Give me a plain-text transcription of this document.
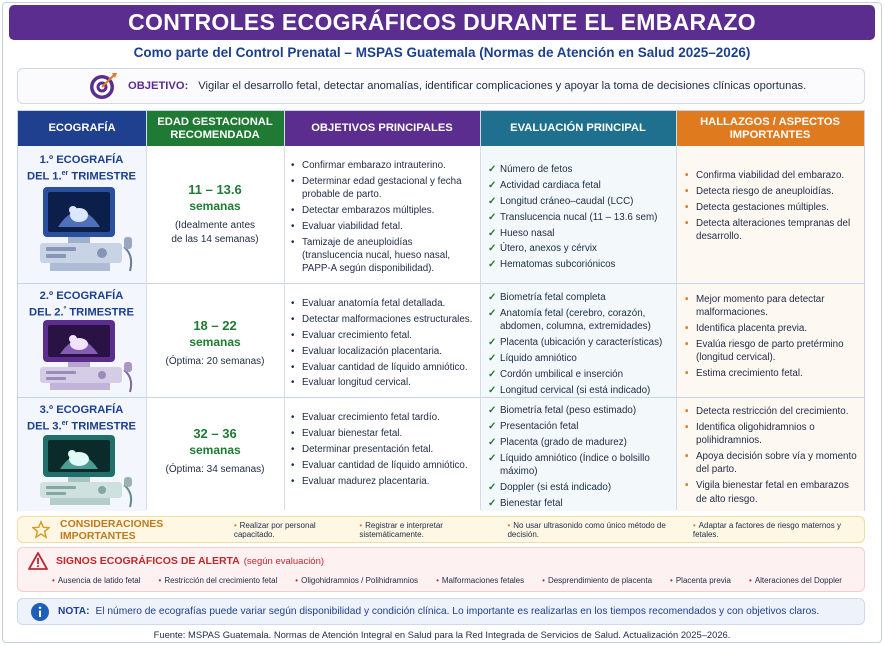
CONTROLES ECOGRÁFICOS DURANTE EL EMBARAZO
Como parte del Control Prenatal – MSPAS Guatemala (Normas de Atención en Salud 2025–2026)
OBJETIVO: Vigilar el desarrollo fetal, detectar anomalías, identificar complicaciones y apoyar la toma de decisiones clínicas oportunas.
ECOGRAFÍA
EDAD GESTACIONAL
RECOMENDADA
OBJETIVOS PRINCIPALES	EVALUACIÓN PRINCIPAL
HALLAZGOS / ASPECTOS
IMPORTANTES
1.º ECOGRAFÍA
DEL 1.$^{er}$ TRIMESTRE
11 – 13.6
semanas
(Idealmente antes de las 14 semanas)
• Confirmar embarazo intrauterino.
• Determinar edad gestacional y fecha probable de parto.
• Detectar embarazos múltiples.
• Evaluar viabilidad fetal.
• Tamizaje de aneuploidías (translucencia nucal, hueso nasal, PAPP-A según disponibilidad).
✓ Número de fetos
✓ Actividad cardiaca fetal
✓ Longitud cráneo–caudal (LCC)
✓ Translucencia nucal (11 – 13.6 sem)
✓ Hueso nasal
✓ Útero, anexos y cérvix
✓ Hematomas subcoriónicos
• Confirma viabilidad del embarazo.
• Detecta riesgo de aneuploidías.
• Detecta gestaciones múltiples.
• Detecta alteraciones tempranas del desarrollo.
2.º ECOGRAFÍA
DEL 2.$^º$ TRIMESTRE
18 – 22
semanas
(Óptima: 20 semanas)
• Evaluar anatomía fetal detallada.
• Detectar malformaciones estructurales.
• Evaluar crecimiento fetal.
• Evaluar localización placentaria.
• Evaluar cantidad de líquido amniótico.
• Evaluar longitud cervical.
✓ Biometría fetal completa
✓ Anatomía fetal (cerebro, corazón, abdomen, columna, extremidades)
✓ Placenta (ubicación y características)
✓ Líquido amniótico
✓ Cordón umbilical e inserción
✓ Longitud cervical (si está indicado)
• Mejor momento para detectar malformaciones.
• Identifica placenta previa.
• Evalúa riesgo de parto pretérmino (longitud cervical).
• Estima crecimiento fetal.
3.º ECOGRAFÍA
DEL 3.$^{er}$ TRIMESTRE	32 – 36
semanas
(Óptima: 34 semanas)
• Evaluar crecimiento fetal tardío.
• Evaluar bienestar fetal.
• Determinar presentación fetal.
• Evaluar cantidad de líquido amniótico.
• Evaluar madurez placentaria.
✓ Biometría fetal (peso estimado)
✓ Presentación fetal
✓ Placenta (grado de madurez)
✓ Líquido amniótico (Índice o bolsillo máximo)
✓ Doppler (si está indicado)
✓ Bienestar fetal
• Detecta restricción del crecimiento.
• Identifica oligohidramnios o polihidramnios.
• Apoya decisión sobre vía y momento del parto.
• Vigila bienestar fetal en embarazos de alto riesgo.
CONSIDERACIONES IMPORTANTES
• Realizar por personal capacitado.
• Registrar e interpretar sistemáticamente.
• No usar ultrasonido como único método de decisión.
• Adaptar a factores de riesgo maternos y fetales.
SIGNOS ECOGRÁFICOS DE ALERTA (según evaluación)
• Ausencia de latido fetal • Restricción del crecimiento fetal • Oligohidramnios / Polihidramnios • Malformaciones fetales • Desprendimiento de placenta • Placenta previa • Alteraciones del Doppler
NOTA: El número de ecografías puede variar según disponibilidad y condición clínica. Lo importante es realizarlas en los tiempos recomendados y con objetivos claros.
Fuente: MSPAS Guatemala. Normas de Atención Integral en Salud para la Red Integrada de Servicios de Salud. Actualización 2025–2026.
